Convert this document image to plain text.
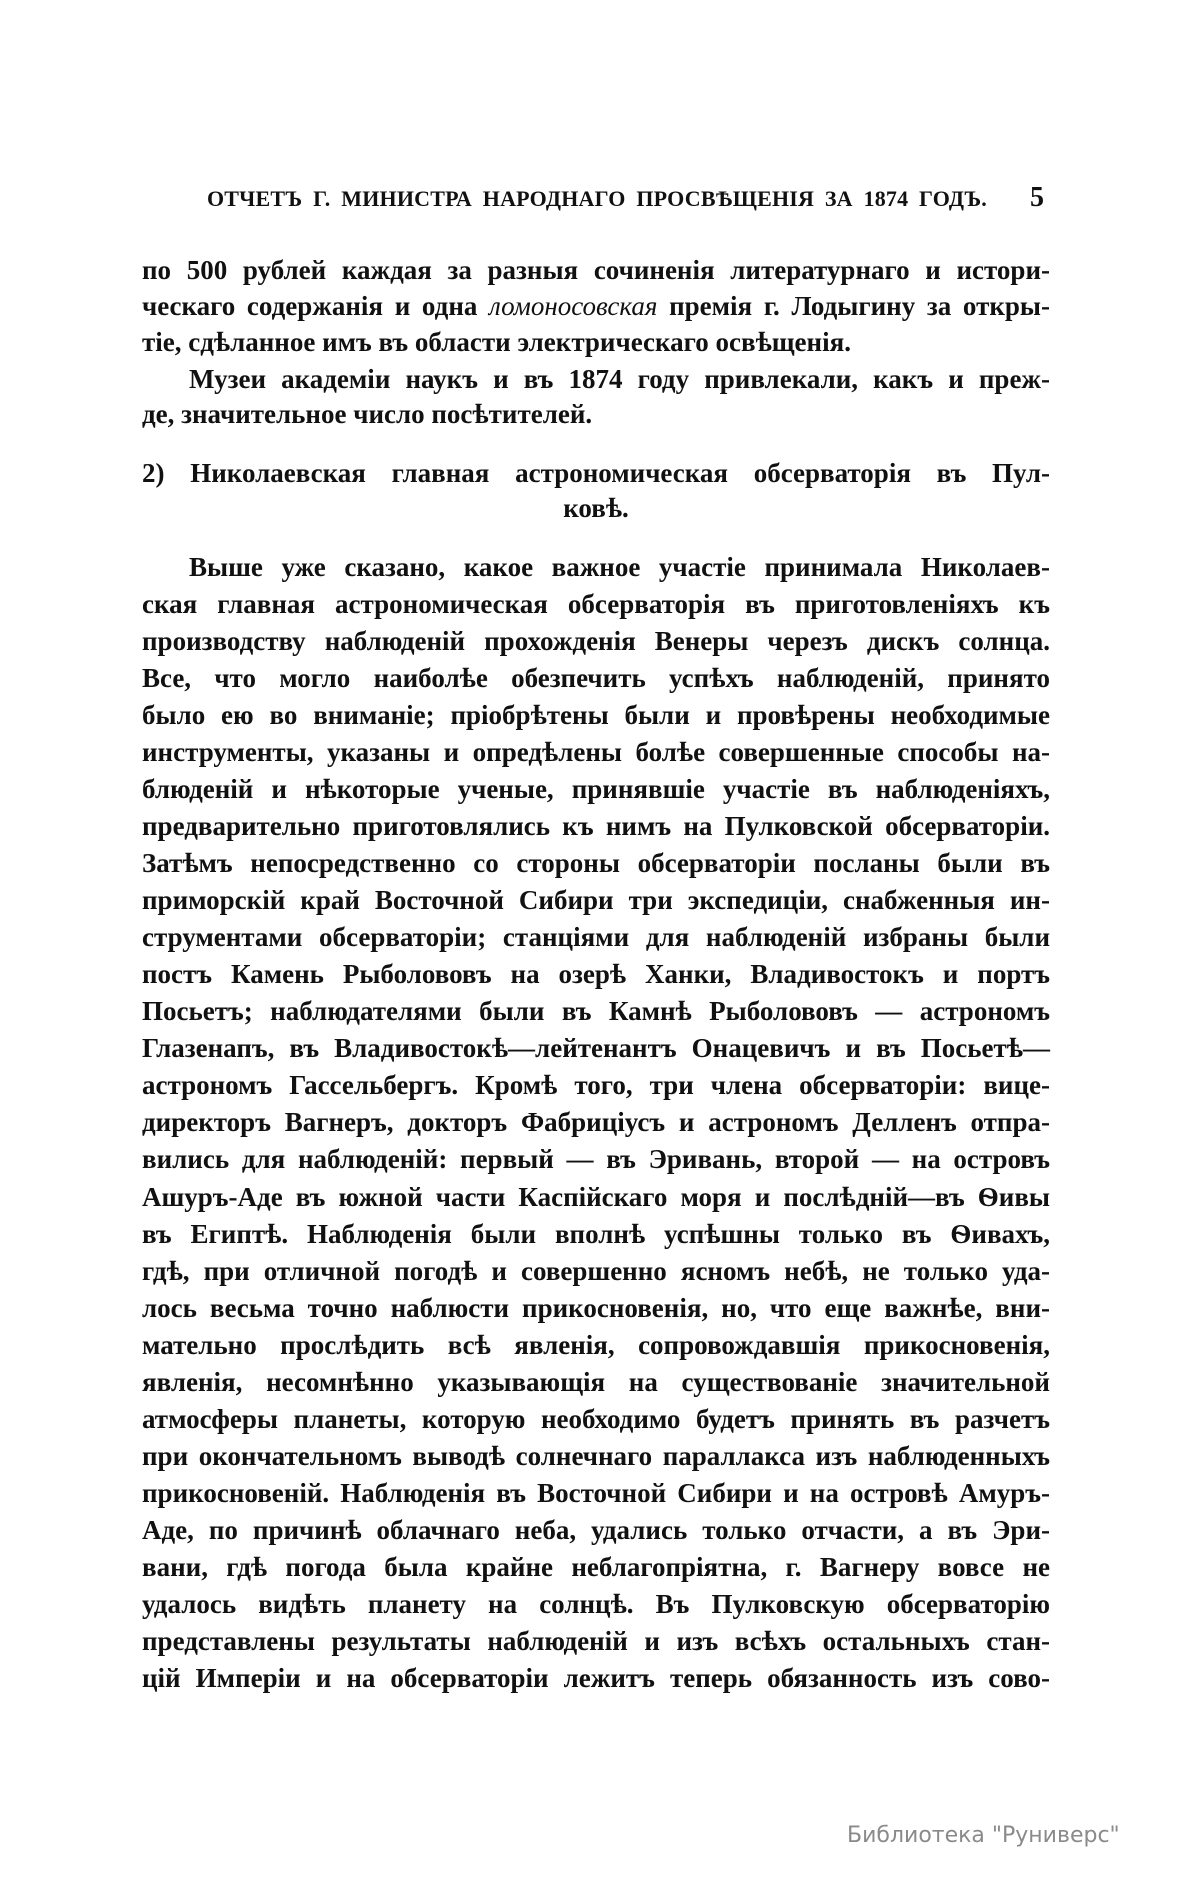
ОТЧЕТЪ Г. МИНИСТРА НАРОДНАГО ПРОСВѢЩЕНІЯ ЗА 1874 ГОДЪ. 5
по 500 рублей каждая за разныя сочиненія литературнаго и истори-
ческаго содержанія и одна ломоносовская премія г. Лодыгину за откры-
тіе, сдѣланное имъ въ области электрическаго освѣщенія.
Музеи академіи наукъ и въ 1874 году привлекали, какъ и преж-
де, значительное число посѣтителей.
2) Николаевская главная астрономическая обсерваторія въ Пул-
ковѣ.
Выше уже сказано, какое важное участіе принимала Николаев-
ская главная астрономическая обсерваторія въ приготовленіяхъ къ
производству наблюденій прохожденія Венеры черезъ дискъ солнца.
Все, что могло наиболѣе обезпечить успѣхъ наблюденій, принято
было ею во вниманіе; пріобрѣтены были и провѣрены необходимые
инструменты, указаны и опредѣлены болѣе совершенные способы на-
блюденій и нѣкоторые ученые, принявшіе участіе въ наблюденіяхъ,
предварительно приготовлялись къ нимъ на Пулковской обсерваторіи.
Затѣмъ непосредственно со стороны обсерваторіи посланы были въ
приморскій край Восточной Сибири три экспедиціи, снабженныя ин-
струментами обсерваторіи; станціями для наблюденій избраны были
постъ Камень Рыболововъ на озерѣ Ханки, Владивостокъ и портъ
Посьетъ; наблюдателями были въ Камнѣ Рыболововъ — астрономъ
Глазенапъ, въ Владивостокѣ—лейтенантъ Онацевичъ и въ Посьетѣ—
астрономъ Гассельбергъ. Кромѣ того, три члена обсерваторіи: вице-
директоръ Вагнеръ, докторъ Фабриціусъ и астрономъ Делленъ отпра-
вились для наблюденій: первый — въ Эривань, второй — на островъ
Ашуръ-Аде въ южной части Каспійскаго моря и послѣдній—въ Ѳивы
въ Египтѣ. Наблюденія были вполнѣ успѣшны только въ Ѳивахъ,
гдѣ, при отличной погодѣ и совершенно ясномъ небѣ, не только уда-
лось весьма точно наблюсти прикосновенія, но, что еще важнѣе, вни-
мательно прослѣдить всѣ явленія, сопровождавшія прикосновенія,
явленія, несомнѣнно указывающія на существованіе значительной
атмосферы планеты, которую необходимо будетъ принять въ разчетъ
при окончательномъ выводѣ солнечнаго параллакса изъ наблюденныхъ
прикосновеній. Наблюденія въ Восточной Сибири и на островѣ Амуръ-
Аде, по причинѣ облачнаго неба, удались только отчасти, а въ Эри-
вани, гдѣ погода была крайне неблагопріятна, г. Вагнеру вовсе не
удалось видѣть планету на солнцѣ. Въ Пулковскую обсерваторію
представлены результаты наблюденій и изъ всѣхъ остальныхъ стан-
цій Имперіи и на обсерваторіи лежитъ теперь обязанность изъ сово-
Библиотека "Руниверс"
